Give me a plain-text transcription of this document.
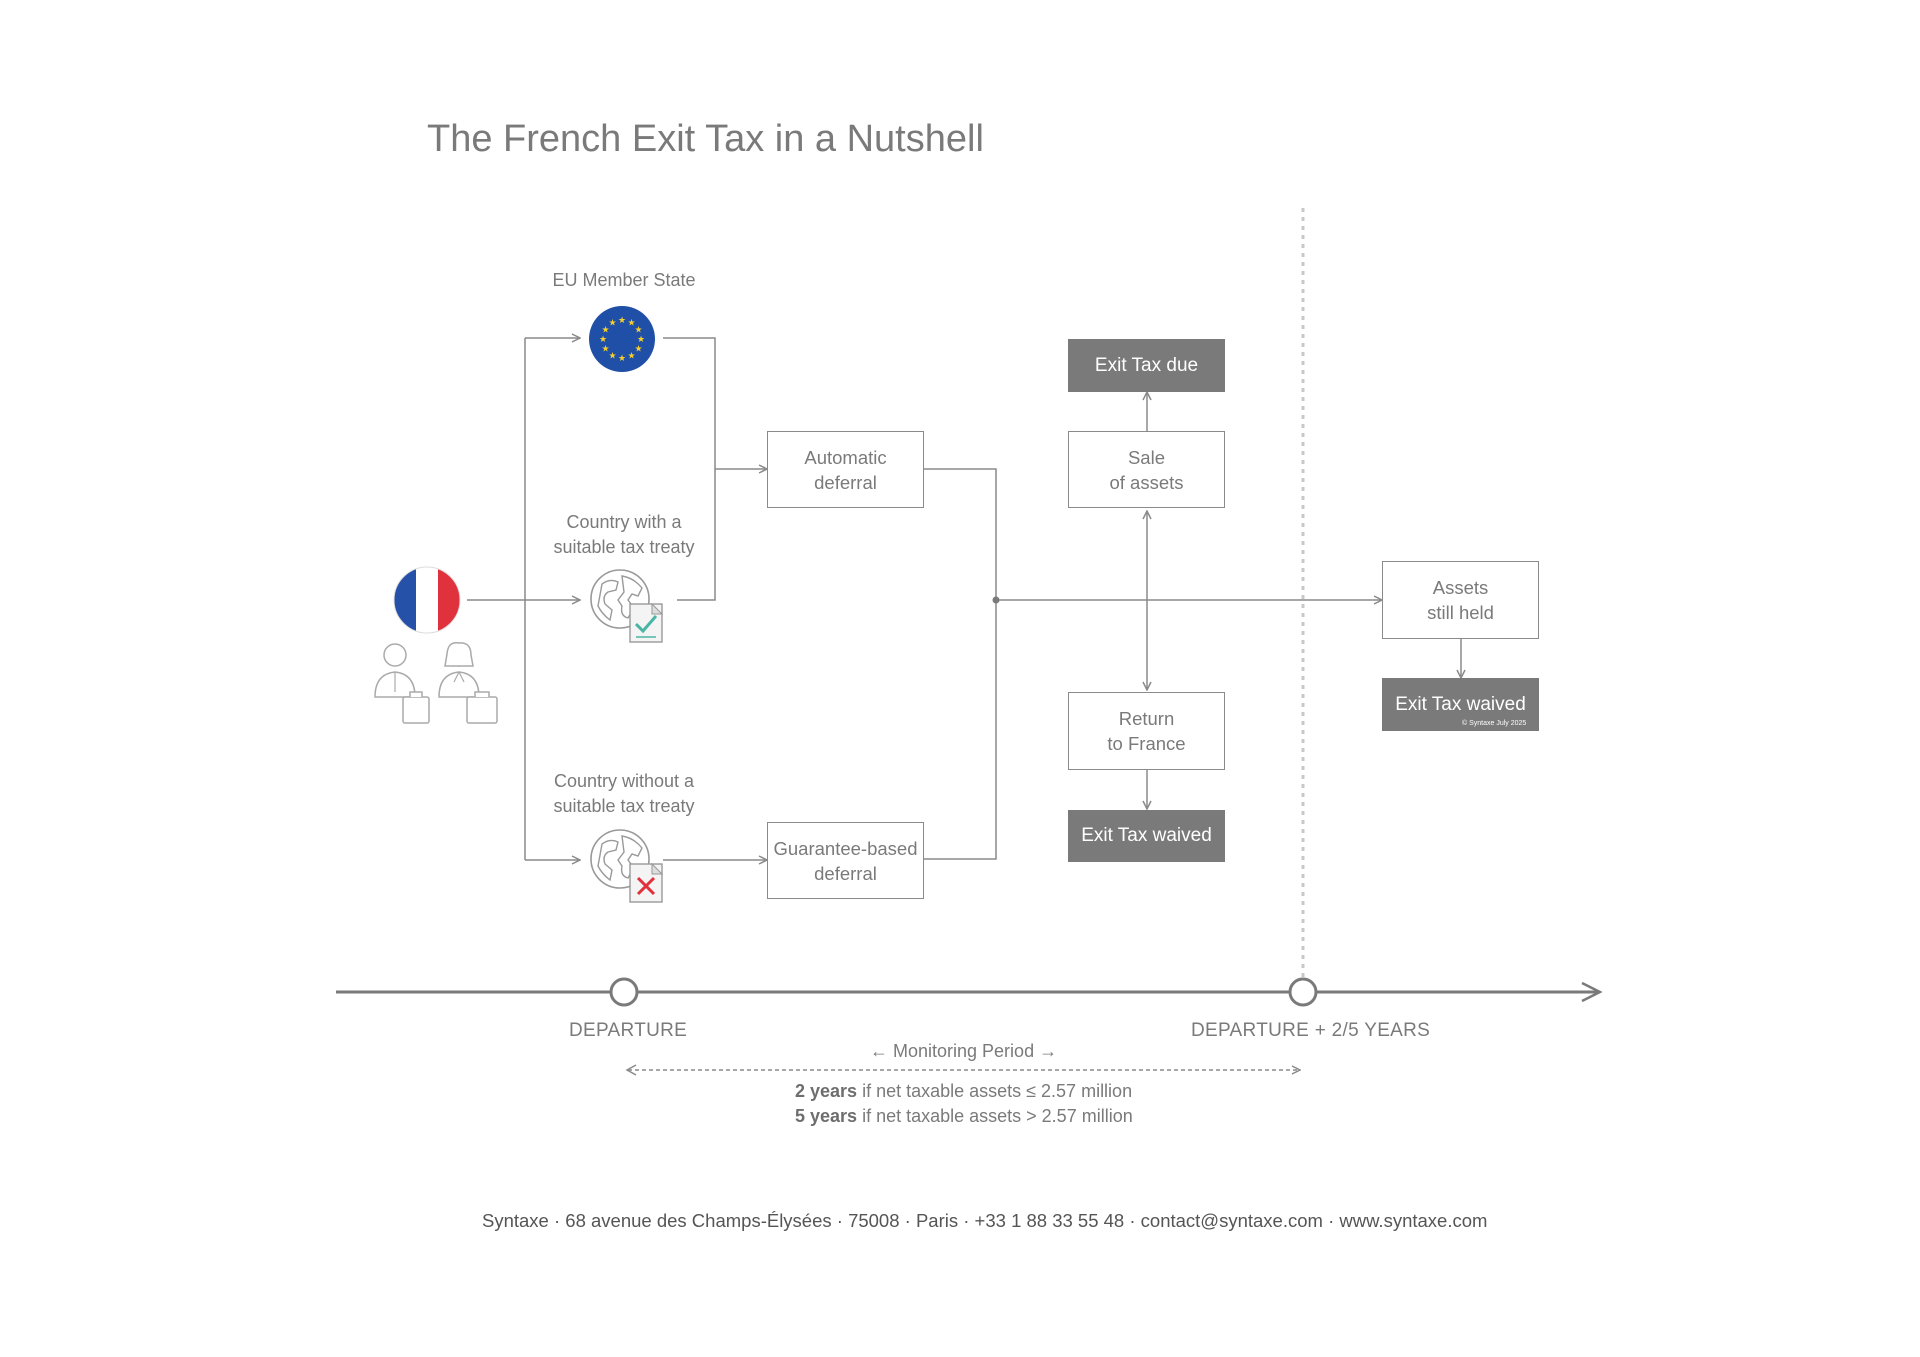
The French Exit Tax in a Nutshell
EU Member State
★ ★
★
★
★
★
★
★
★
★
★
★
Country with a
suitable tax treaty
Country without a
suitable tax treaty
Automatic
deferral
Guarantee-based
deferral
Sale
of assets
Return
to France
Assets
still held
Exit Tax due
Exit Tax waived
Exit Tax waived
© Syntaxe July 2025
DEPARTURE	DEPARTURE + 2/5 YEARS
← Monitoring Period →
2 years if net taxable assets ≤ 2.57 million
5 years if net taxable assets > 2.57 million
Syntaxe · 68 avenue des Champs-Élysées · 75008 · Paris · +33 1 88 33 55 48 · contact@syntaxe.com · www.syntaxe.com
